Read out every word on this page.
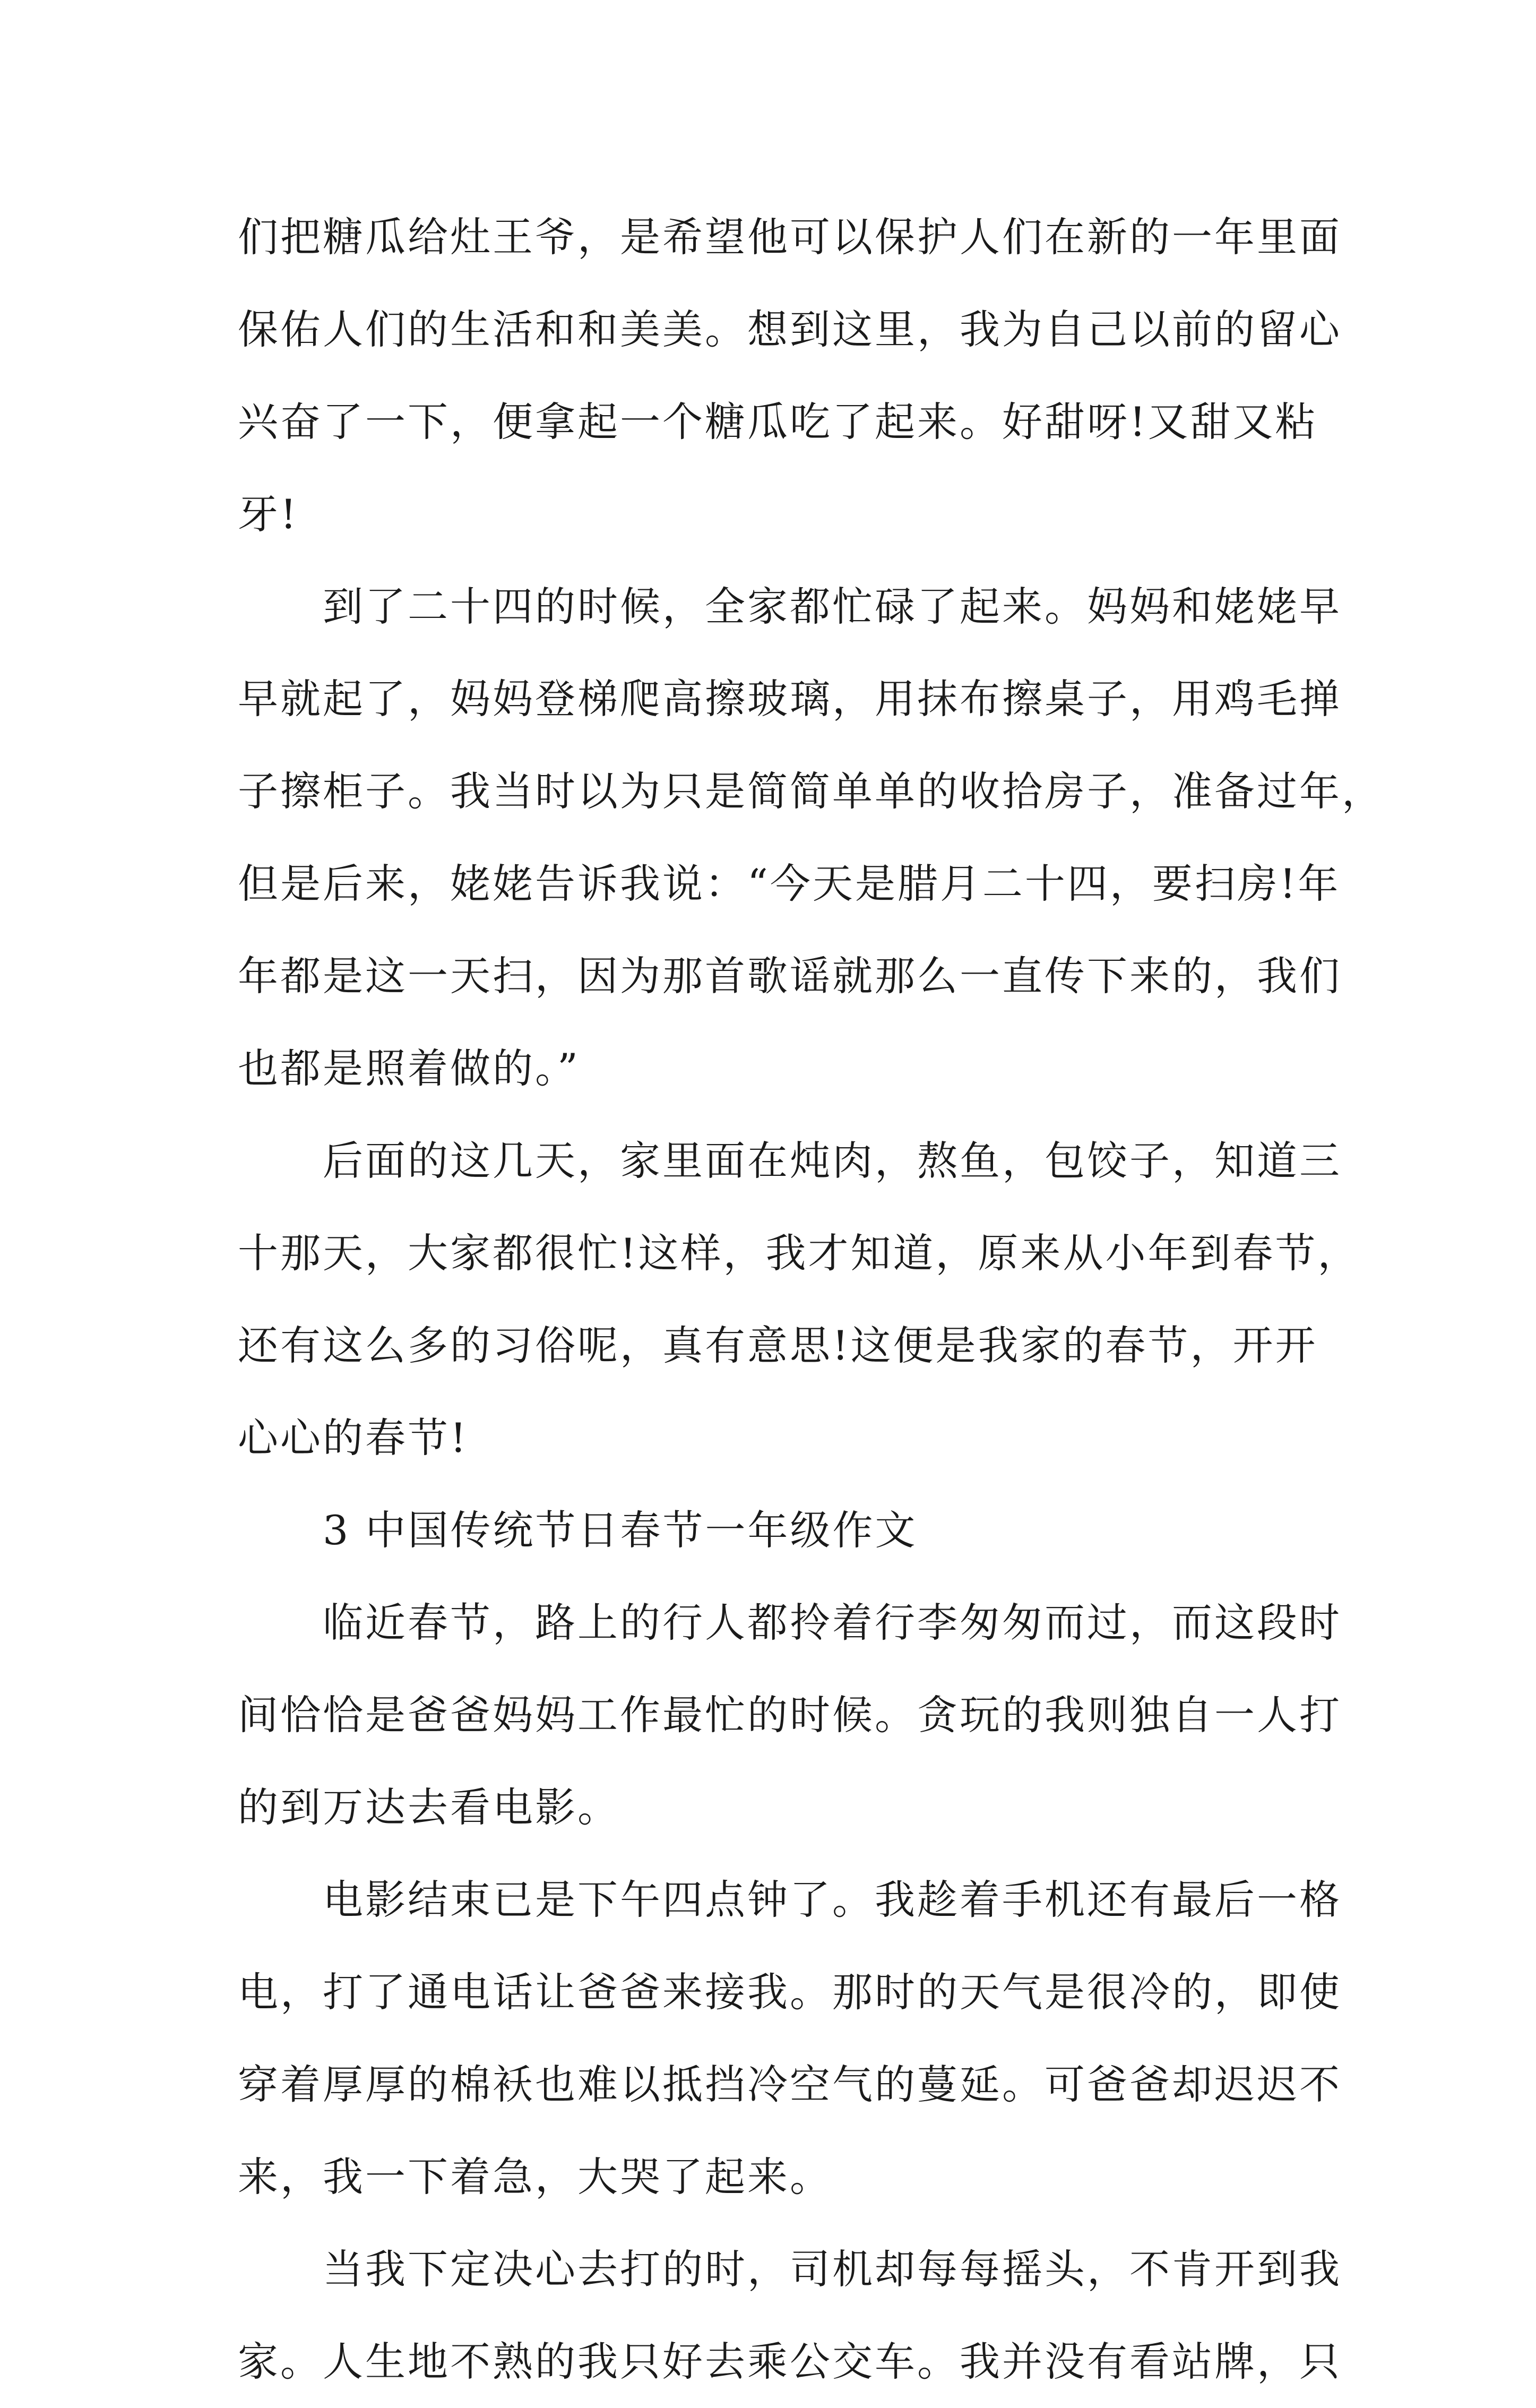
们把糖瓜给灶王爷，是希望他可以保护人们在新的一年里面
保佑人们的生活和和美美。想到这里，我为自己以前的留心
兴奋了一下，便拿起一个糖瓜吃了起来。好甜呀!又甜又粘
牙!
到了二十四的时候，全家都忙碌了起来。妈妈和姥姥早
早就起了，妈妈登梯爬高擦玻璃，用抹布擦桌子，用鸡毛掸
子擦柜子。我当时以为只是简简单单的收拾房子，准备过年，
但是后来，姥姥告诉我说：“今天是腊月二十四，要扫房!年
年都是这一天扫，因为那首歌谣就那么一直传下来的，我们
也都是照着做的。”
后面的这几天，家里面在炖肉，熬鱼，包饺子，知道三
十那天，大家都很忙!这样，我才知道，原来从小年到春节，
还有这么多的习俗呢，真有意思!这便是我家的春节，开开
心心的春节!
3 中国传统节日春节一年级作文
临近春节，路上的行人都拎着行李匆匆而过，而这段时
间恰恰是爸爸妈妈工作最忙的时候。贪玩的我则独自一人打
的到万达去看电影。
电影结束已是下午四点钟了。我趁着手机还有最后一格
电，打了通电话让爸爸来接我。那时的天气是很冷的，即使
穿着厚厚的棉袄也难以抵挡冷空气的蔓延。可爸爸却迟迟不
来，我一下着急，大哭了起来。
当我下定决心去打的时，司机却每每摇头，不肯开到我
家。人生地不熟的我只好去乘公交车。我并没有看站牌，只
